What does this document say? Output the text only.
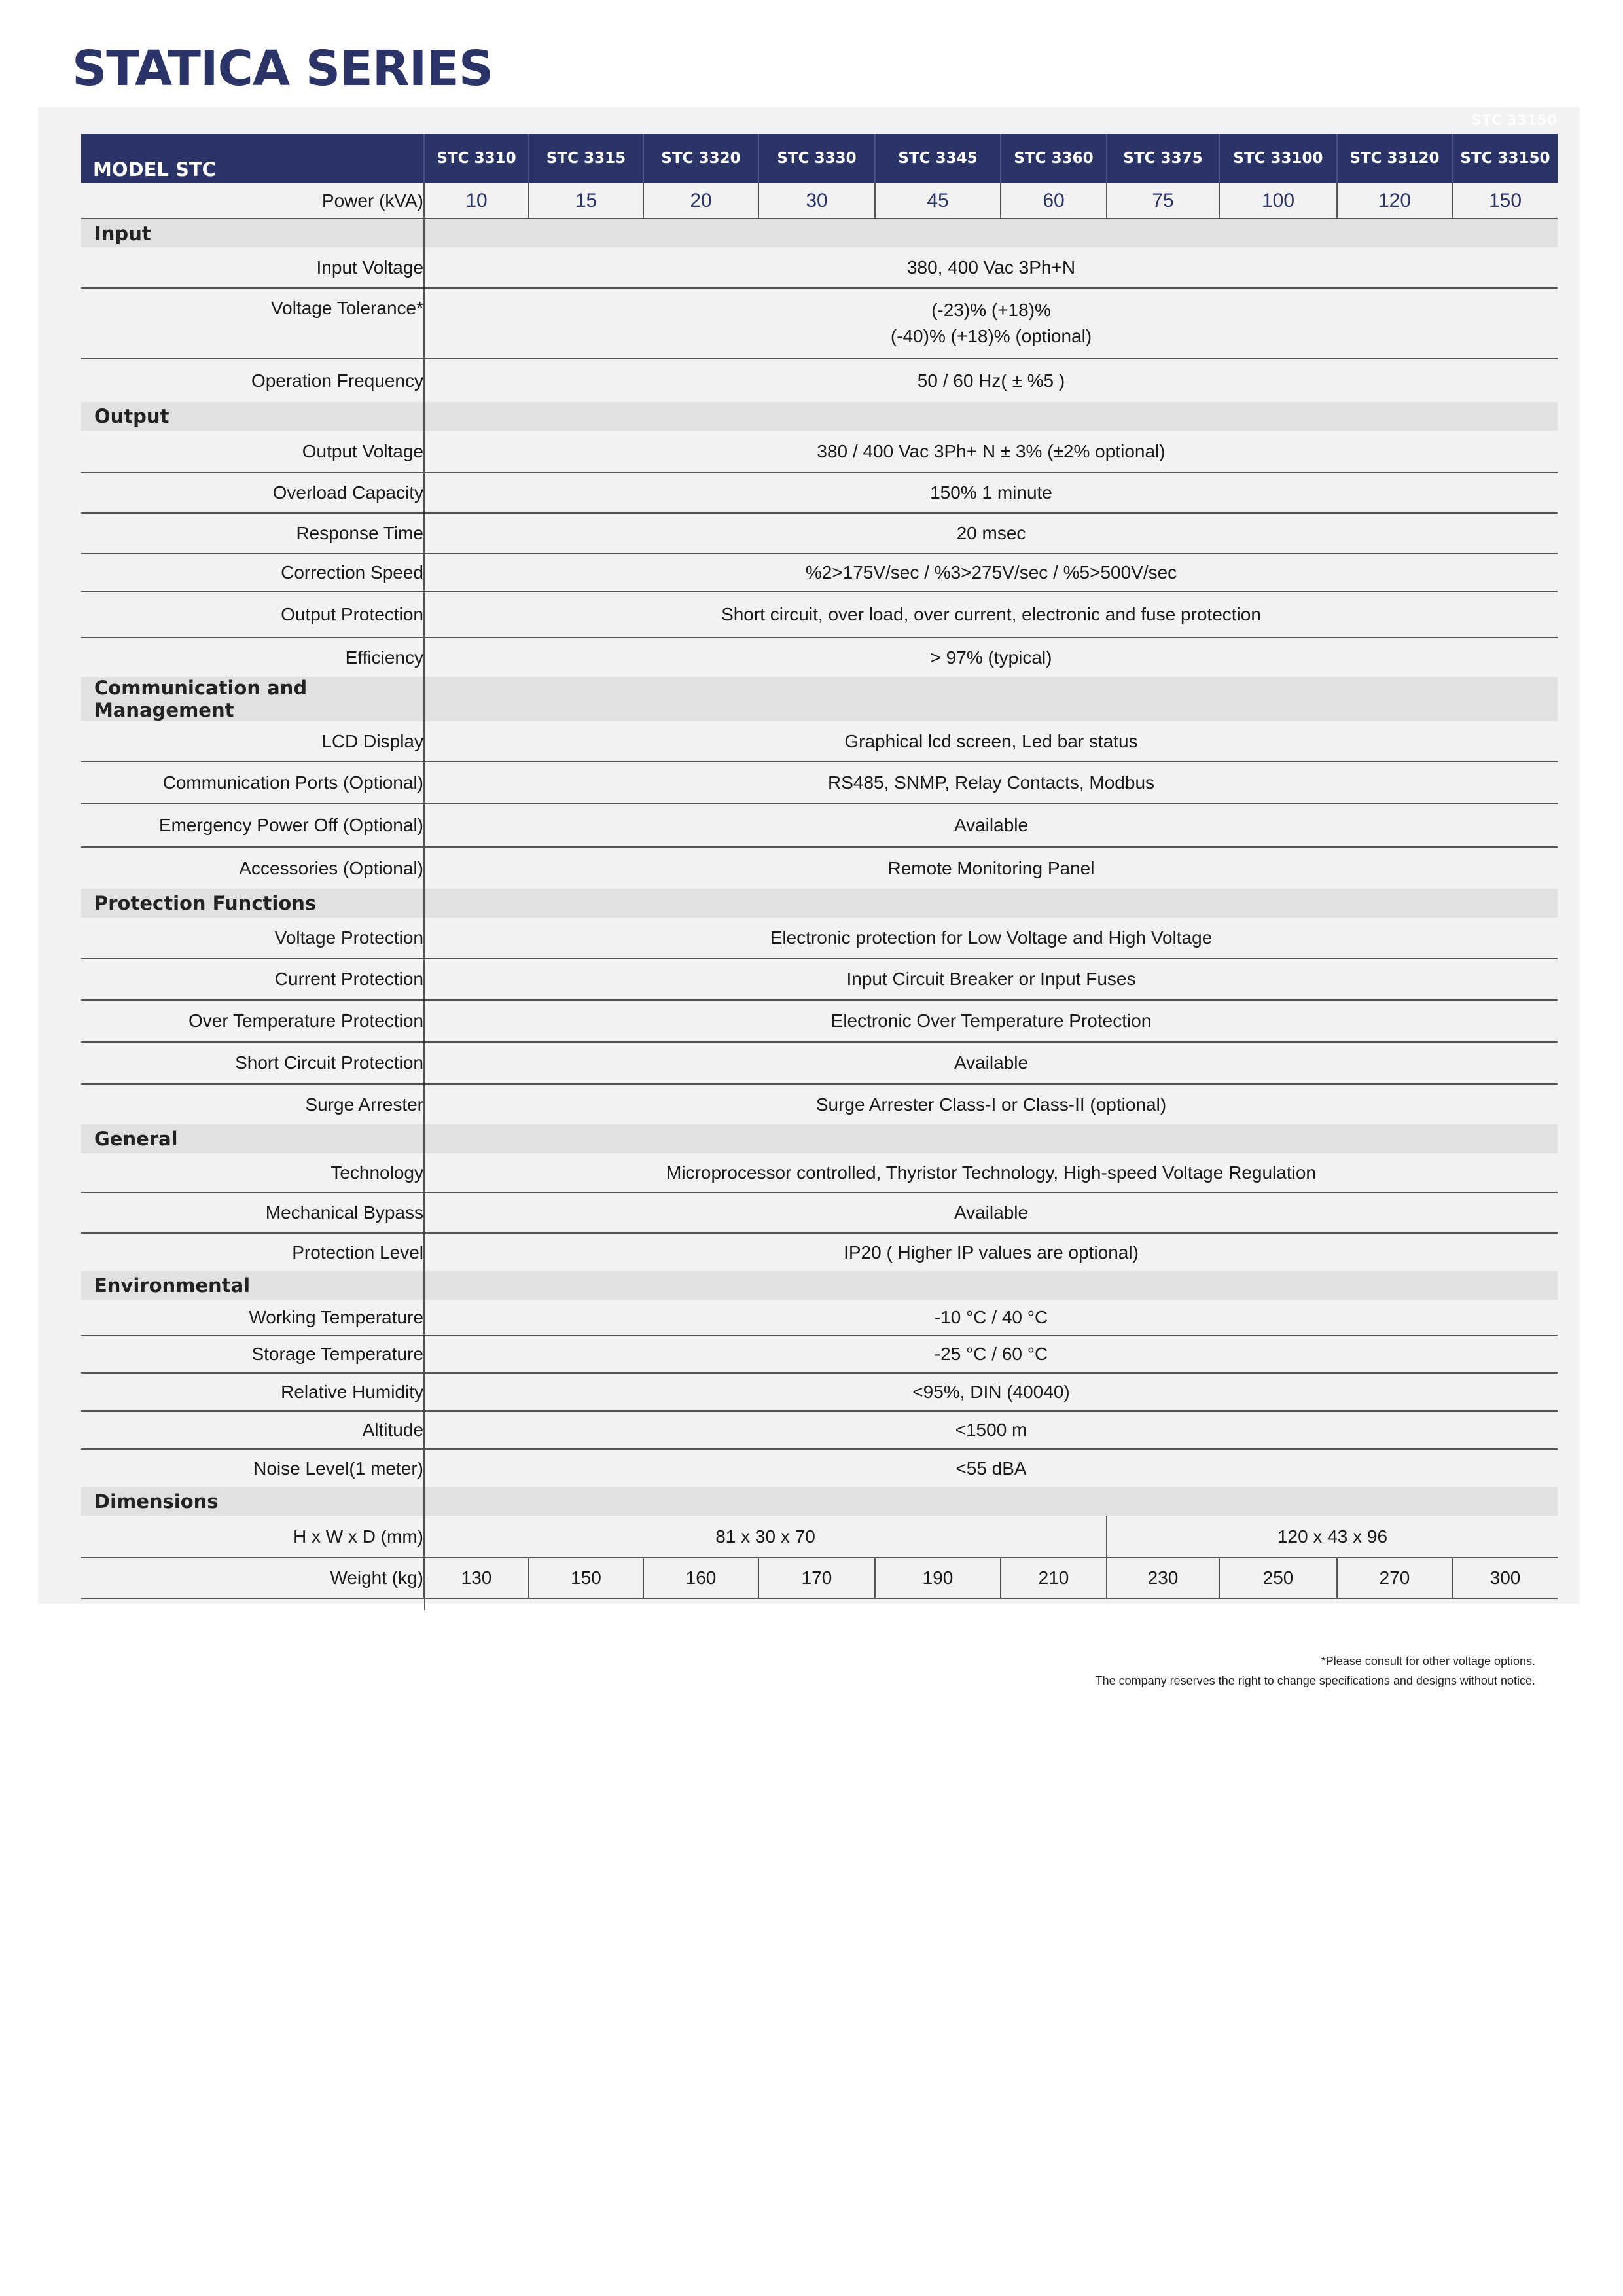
STATICA SERIES
STC 33150
MODEL STC	STC 3310	STC 3315	STC 3320	STC 3330	STC 3345	STC 3360	STC 3375	STC 33100	STC 33120	STC 33150
Power (kVA)	10	15	20	30	45	60	75	100	120	150
Input										
Input Voltage	380, 400 Vac 3Ph+N									
Voltage Tolerance*	(-23)% (+18)%
(-40)% (+18)% (optional)									

Operation Frequency	50 / 60 Hz( ± %5 )									
Output										
Output Voltage	380 / 400 Vac 3Ph+ N ± 3% (±2% optional)									
Overload Capacity	150% 1 minute									
Response Time	20 msec									
Correction Speed	%2>175V/sec / %3>275V/sec / %5>500V/sec									
Output Protection	Short circuit, over load, over current, electronic and fuse protection									
Efficiency	> 97% (typical)									
Communication and Management										
LCD Display	Graphical lcd screen, Led bar status									
Communication Ports (Optional)	RS485, SNMP, Relay Contacts, Modbus									
Emergency Power Off (Optional)	Available									
Accessories (Optional)	Remote Monitoring Panel									
Protection Functions										
Voltage Protection	Electronic protection for Low Voltage and High Voltage									
Current Protection	Input Circuit Breaker or Input Fuses									
Over Temperature Protection	Electronic Over Temperature Protection									
Short Circuit Protection	Available									
Surge Arrester	Surge Arrester Class-I or Class-II (optional)									
General										
Technology	Microprocessor controlled, Thyristor Technology, High-speed Voltage Regulation									
Mechanical Bypass	Available									
Protection Level	IP20 ( Higher IP values are optional)									
Environmental										
Working Temperature	-10 °C / 40 °C									
Storage Temperature	-25 °C / 60 °C									
Relative Humidity	<95%, DIN (40040)									
Altitude	<1500 m									
Noise Level(1 meter)	<55 dBA									
Dimensions										
H x W x D (mm)	81 x 30 x 70						120 x 43 x 96			
Weight (kg)	130	150	160	170	190	210	230	250	270	300
*Please consult for other voltage options.
The company reserves the right to change specifications and designs without notice.
